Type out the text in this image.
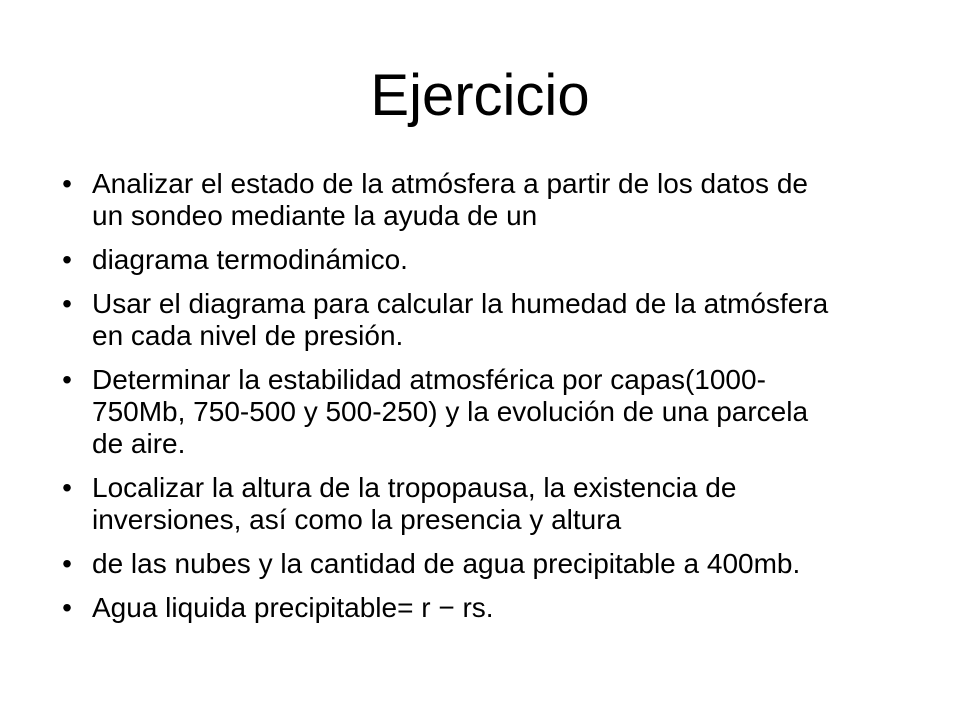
Ejercicio
• Analizar el estado de la atmósfera a partir de los datos de un sondeo mediante la ayuda de un
• diagrama termodinámico.
• Usar el diagrama para calcular la humedad de la atmósfera en cada nivel de presión.
• Determinar la estabilidad atmosférica por capas(1000-750Mb, 750-500 y 500-250) y la evolución de una parcela de aire.
• Localizar la altura de la tropopausa, la existencia de inversiones, así como la presencia y altura
• de las nubes y la cantidad de agua precipitable a 400mb.
• Agua liquida precipitable= r − rs.
